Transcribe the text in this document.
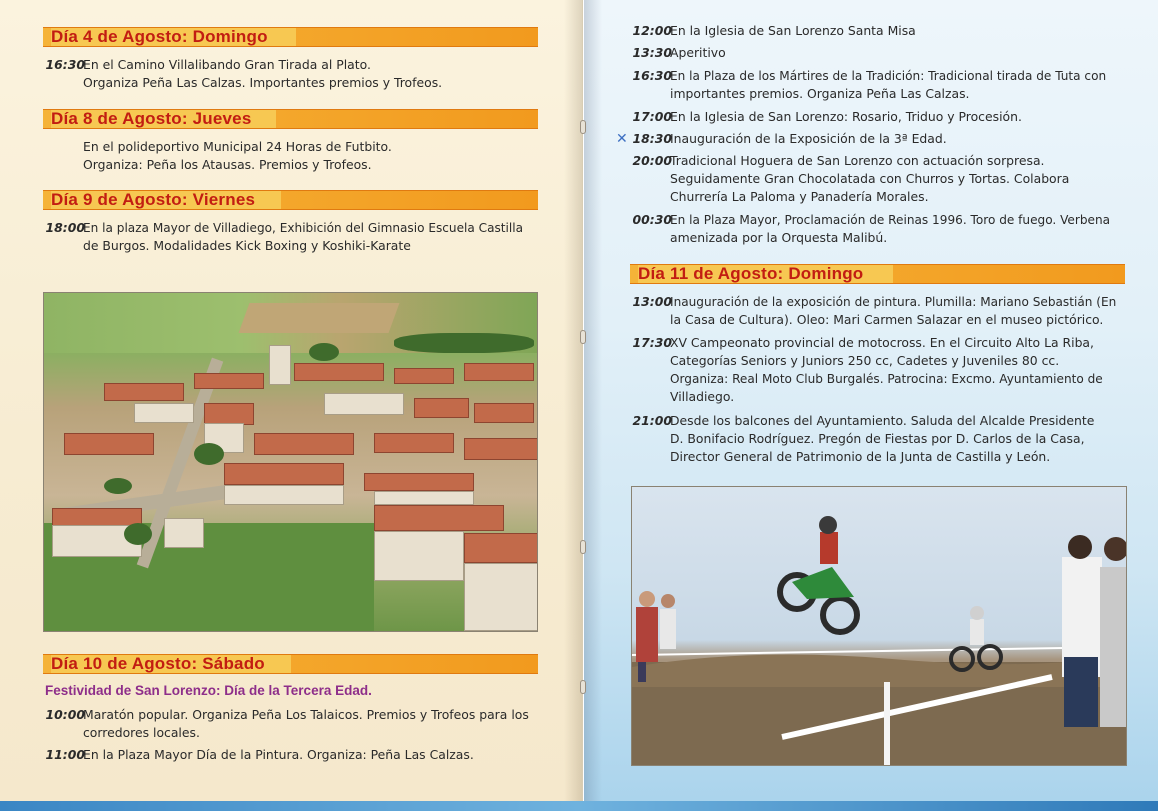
Día 4 de Agosto: Domingo
16:30
En el Camino Villalibando Gran Tirada al Plato.
Organiza Peña Las Calzas. Importantes premios y Trofeos.
Día 8 de Agosto: Jueves
En el polideportivo Municipal 24 Horas de Futbito.
Organiza: Peña los Atausas. Premios y Trofeos.
Día 9 de Agosto: Viernes
18:00
En la plaza Mayor de Villadiego, Exhibición del Gimnasio Escuela Castilla
de Burgos. Modalidades Kick Boxing y Koshiki-Karate
Día 10 de Agosto: Sábado
Festividad de San Lorenzo: Día de la Tercera Edad.
10:00
Maratón popular. Organiza Peña Los Talaicos. Premios y Trofeos para los
corredores locales.
11:00
En la Plaza Mayor Día de la Pintura. Organiza: Peña Las Calzas.
12:00
En la Iglesia de San Lorenzo Santa Misa
13:30
Aperitivo
16:30
En la Plaza de los Mártires de la Tradición: Tradicional tirada de Tuta con
importantes premios. Organiza Peña Las Calzas.
17:00
En la Iglesia de San Lorenzo: Rosario, Triduo y Procesión.
✕ 18:30
Inauguración de la Exposición de la 3ª Edad.
20:00
Tradicional Hoguera de San Lorenzo con actuación sorpresa.
Seguidamente Gran Chocolatada con Churros y Tortas. Colabora
Churrería La Paloma y Panadería Morales.
00:30
En la Plaza Mayor, Proclamación de Reinas 1996. Toro de fuego. Verbena
amenizada por la Orquesta Malibú.
Día 11 de Agosto: Domingo
13:00
Inauguración de la exposición de pintura. Plumilla: Mariano Sebastián (En
la Casa de Cultura). Oleo: Mari Carmen Salazar en el museo pictórico.
17:30
XV Campeonato provincial de motocross. En el Circuito Alto La Riba,
Categorías Seniors y Juniors 250 cc, Cadetes y Juveniles 80 cc.
Organiza: Real Moto Club Burgalés. Patrocina: Excmo. Ayuntamiento de
Villadiego.
21:00
Desde los balcones del Ayuntamiento. Saluda del Alcalde Presidente
D. Bonifacio Rodríguez. Pregón de Fiestas por D. Carlos de la Casa,
Director General de Patrimonio de la Junta de Castilla y León.
